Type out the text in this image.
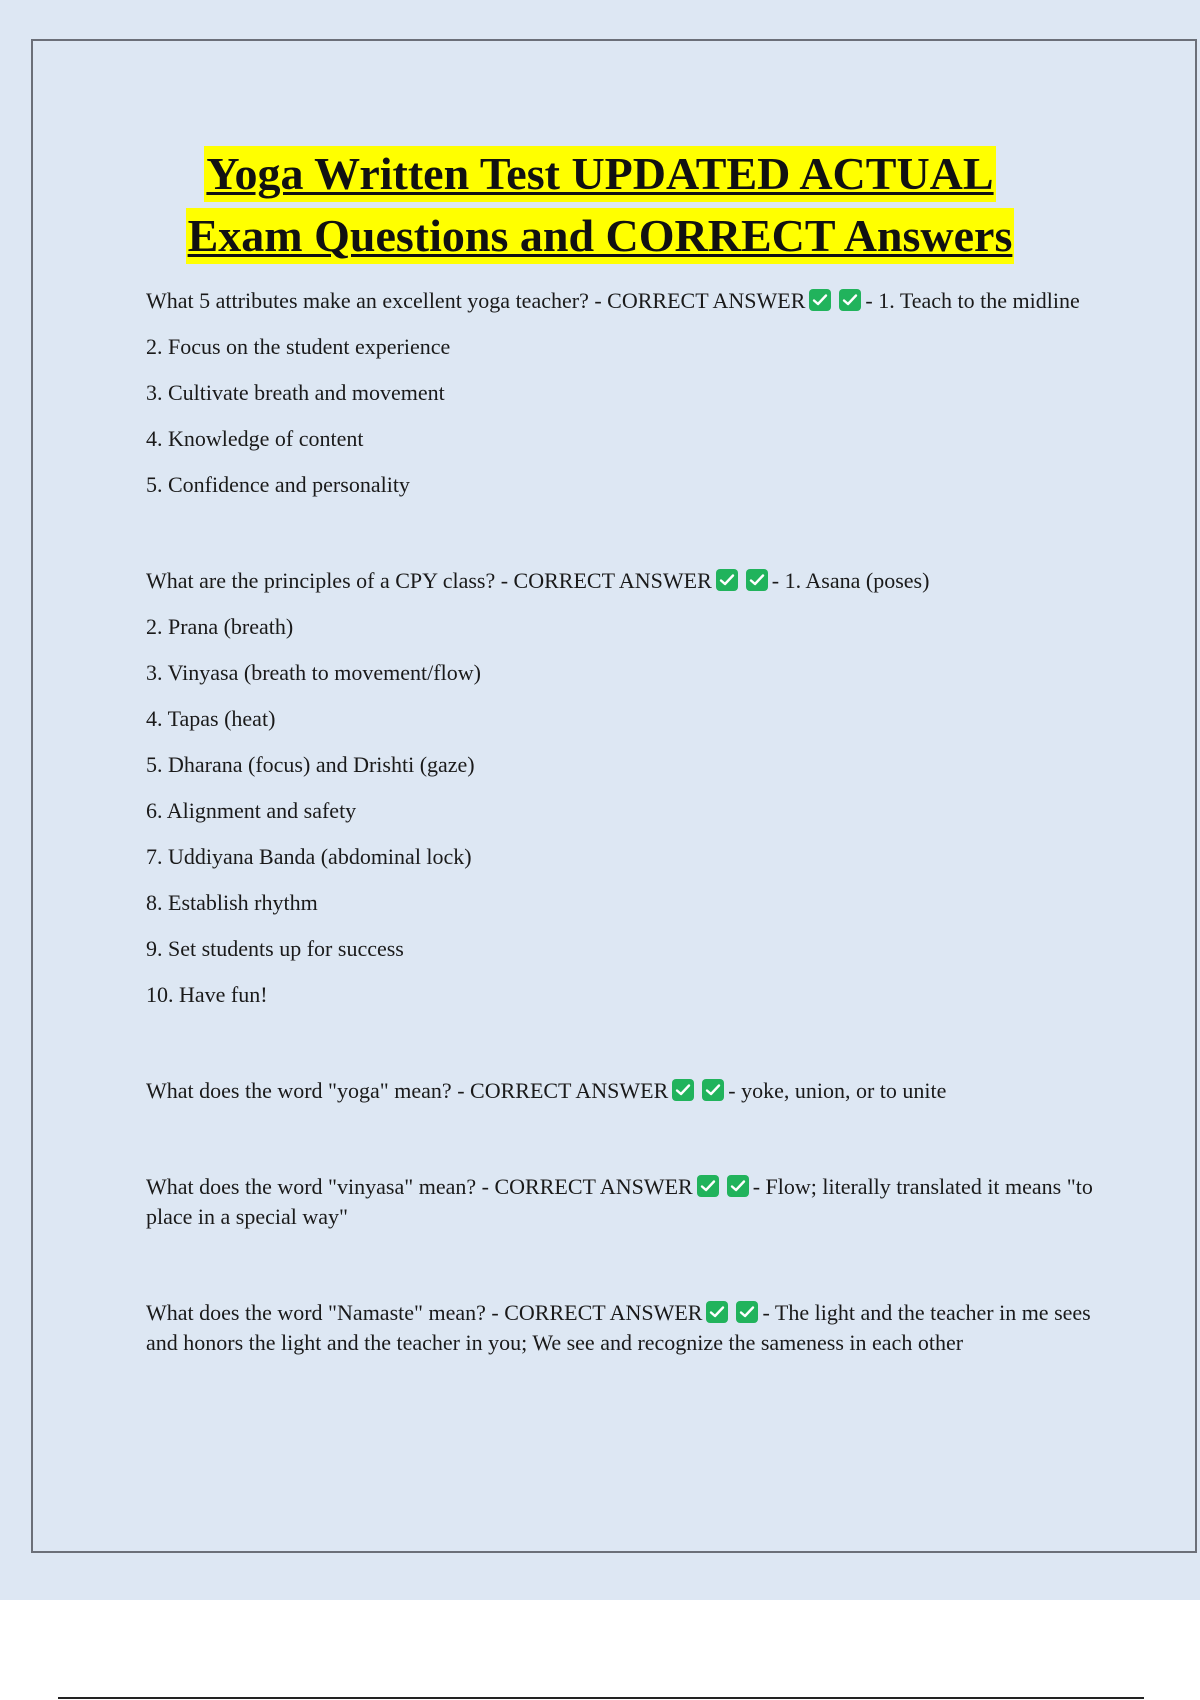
Yoga Written Test UPDATED ACTUAL
Exam Questions and CORRECT Answers

What 5 attributes make an excellent yoga teacher? - CORRECT ANSWER	- 1. Teach to the midline

2. Focus on the student experience

3. Cultivate breath and movement

4. Knowledge of content

5. Confidence and personality

What are the principles of a CPY class? - CORRECT ANSWER	- 1. Asana (poses)

2. Prana (breath)

3. Vinyasa (breath to movement/flow)

4. Tapas (heat)

5. Dharana (focus) and Drishti (gaze)

6. Alignment and safety

7. Uddiyana Banda (abdominal lock)

8. Establish rhythm

9. Set students up for success

10. Have fun!

What does the word "yoga" mean? - CORRECT ANSWER	- yoke, union, or to unite

What does the word "vinyasa" mean? - CORRECT ANSWER	- Flow; literally translated it means "to place in a special way"

What does the word "Namaste" mean? - CORRECT ANSWER	- The light and the teacher in me sees and honors the light and the teacher in you; We see and recognize the sameness in each other
